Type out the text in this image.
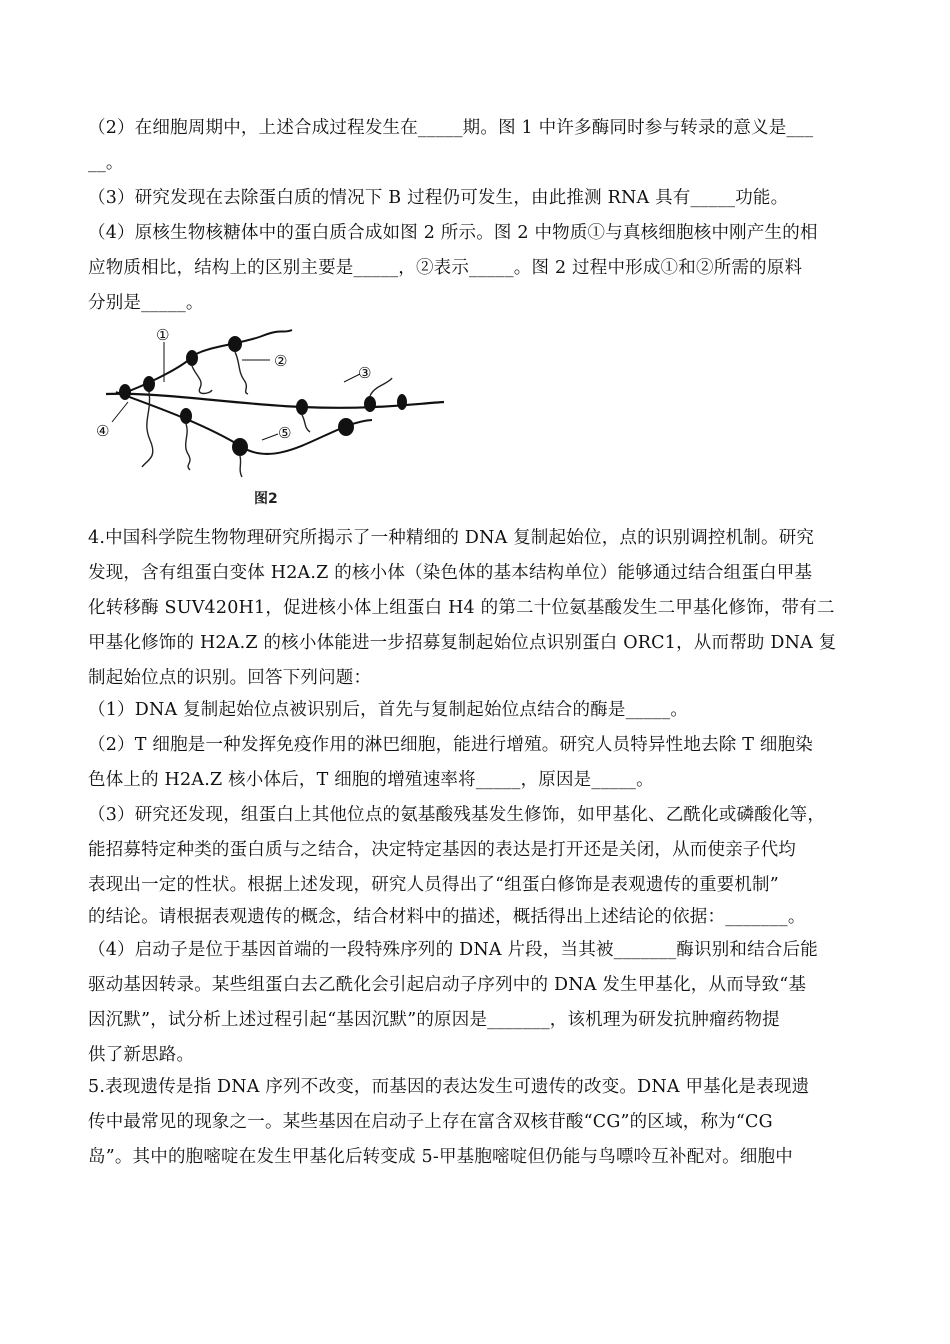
（2）在细胞周期中，上述合成过程发生在_____期。图 1 中许多酶同时参与转录的意义是___
__。
（3）研究发现在去除蛋白质的情况下 B 过程仍可发生，由此推测 RNA 具有_____功能。
（4）原核生物核糖体中的蛋白质合成如图 2 所示。图 2 中物质①与真核细胞核中刚产生的相
应物质相比，结构上的区别主要是_____，②表示_____。图 2 过程中形成①和②所需的原料
分别是_____。
①
②
③
④	⑤
图2
4.中国科学院生物物理研究所揭示了一种精细的 DNA 复制起始位，点的识别调控机制。研究
发现，含有组蛋白变体 H2A.Z 的核小体（染色体的基本结构单位）能够通过结合组蛋白甲基
化转移酶 SUV420H1，促进核小体上组蛋白 H4 的第二十位氨基酸发生二甲基化修饰，带有二
甲基化修饰的 H2A.Z 的核小体能进一步招募复制起始位点识别蛋白 ORC1，从而帮助 DNA 复
制起始位点的识别。回答下列问题：
（1）DNA 复制起始位点被识别后，首先与复制起始位点结合的酶是_____。
（2）T 细胞是一种发挥免疫作用的淋巴细胞，能进行增殖。研究人员特异性地去除 T 细胞染
色体上的 H2A.Z 核小体后，T 细胞的增殖速率将_____，原因是_____。
（3）研究还发现，组蛋白上其他位点的氨基酸残基发生修饰，如甲基化、乙酰化或磷酸化等，
能招募特定种类的蛋白质与之结合，决定特定基因的表达是打开还是关闭，从而使亲子代均
表现出一定的性状。根据上述发现，研究人员得出了“组蛋白修饰是表观遗传的重要机制”
的结论。请根据表观遗传的概念，结合材料中的描述，概括得出上述结论的依据：_______。
（4）启动子是位于基因首端的一段特殊序列的 DNA 片段，当其被_______酶识别和结合后能
驱动基因转录。某些组蛋白去乙酰化会引起启动子序列中的 DNA 发生甲基化，从而导致“基
因沉默”，试分析上述过程引起“基因沉默”的原因是_______，该机理为研发抗肿瘤药物提
供了新思路。
5.表现遗传是指 DNA 序列不改变，而基因的表达发生可遗传的改变。DNA 甲基化是表现遗
传中最常见的现象之一。某些基因在启动子上存在富含双核苷酸“CG”的区域，称为“CG
岛”。其中的胞嘧啶在发生甲基化后转变成 5-甲基胞嘧啶但仍能与鸟嘌呤互补配对。细胞中
